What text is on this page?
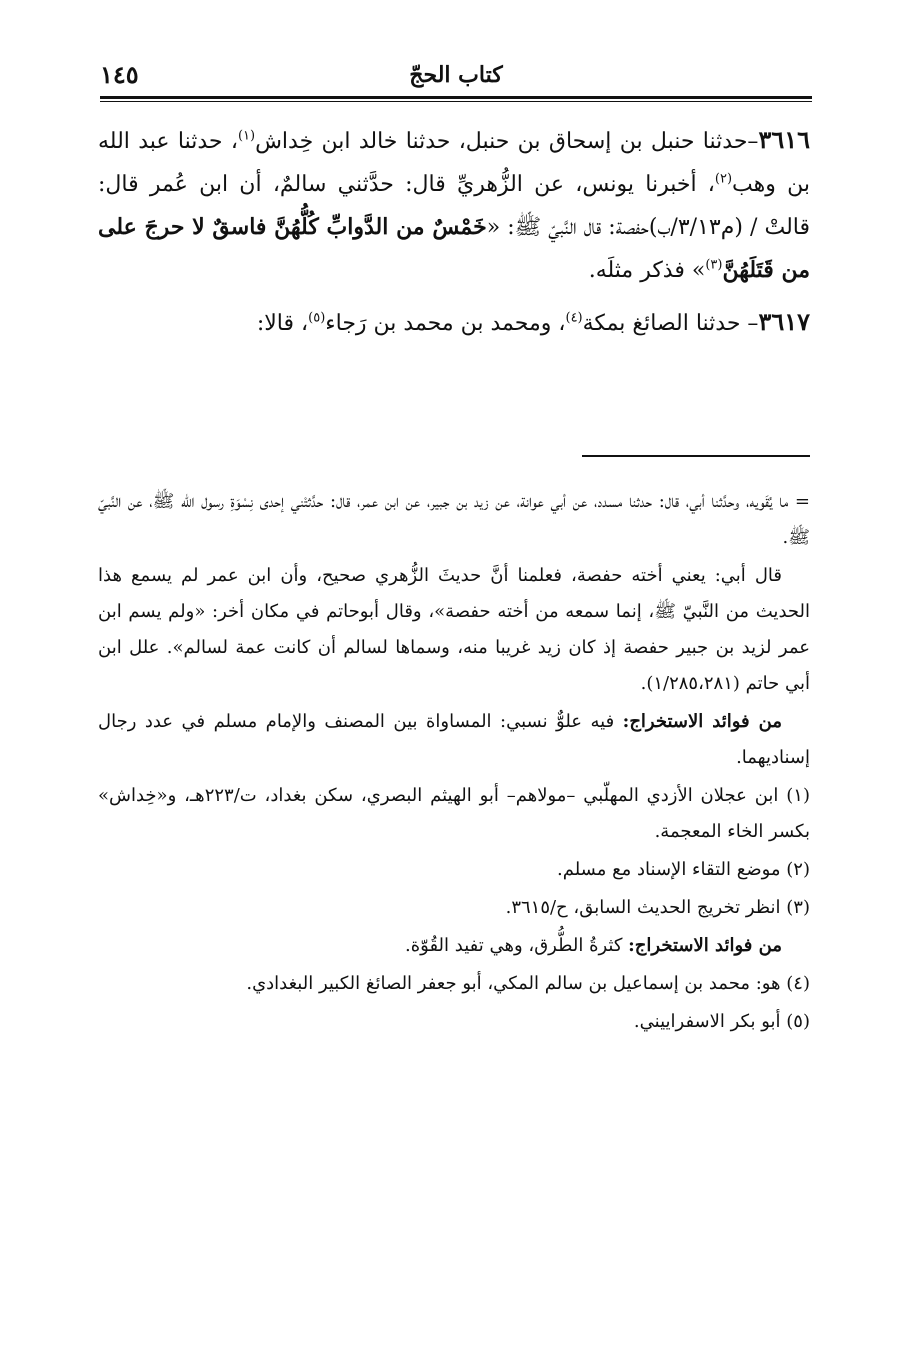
١٤٥	كتاب الحجّ

٣٦١٦–حدثنا حنبل بن إسحاق بن حنبل، حدثنا خالد ابن خِداش$^{(١)}$، حدثنا عبد الله بن وهب$^{(٢)}$، أخبرنا يونس، عن الزُّهريِّ قال: حدَّثني سالمٌ، أن ابن عُمر قال: قالتْ / (م٣/١٣/ب)حفصة: قال النَّبيّ ﷺ: «خَمْسٌ من الدَّوابِّ كُلُّهُنَّ فاسقٌ لا حرجَ على من قَتَلَهُنَّ$^{(٣)}$» فذكر مثلَه.

٣٦١٧– حدثنا الصائغ بمكة$^{(٤)}$، ومحمد بن محمد بن رَجاء$^{(٥)}$، قالا:

= ما يُقَويه، وحدَّثنا أبي، قال: حدثنا مسدد، عن أبي عوانة، عن زيد بن جبير، عن ابن عمر، قال: حدَّثتْني إحدى نِسْوَةِ رسول الله ﷺ، عن النَّبيّ ﷺ.

قال أبي: يعني أخته حفصة، فعلمنا أنَّ حديثَ الزُّهري صحيح، وأن ابن عمر لم يسمع هذا الحديث من النَّبيّ ﷺ، إنما سمعه من أخته حفصة»، وقال أبوحاتم في مكان أخر: «ولم يسم ابن عمر لزيد بن جبير حفصة إذ كان زيد غريبا منه، وسماها لسالم أن كانت عمة لسالم». علل ابن أبي حاتم (١/٢٨٥،٢٨١).

من فوائد الاستخراج: فيه علوٌّ نسبي: المساواة بين المصنف والإمام مسلم في عدد رجال إسناديهما.

(١) ابن عجلان الأزدي المهلّبي –مولاهم– أبو الهيثم البصري، سكن بغداد، ت/٢٢٣هـ، و«خِداش» بكسر الخاء المعجمة.

(٢) موضع التقاء الإسناد مع مسلم.

(٣) انظر تخريج الحديث السابق، ح/٣٦١٥.

من فوائد الاستخراج: كثرةُ الطُّرق، وهي تفيد القُوّة.

(٤) هو: محمد بن إسماعيل بن سالم المكي، أبو جعفر الصائغ الكبير البغدادي.

(٥) أبو بكر الاسفراييني.
